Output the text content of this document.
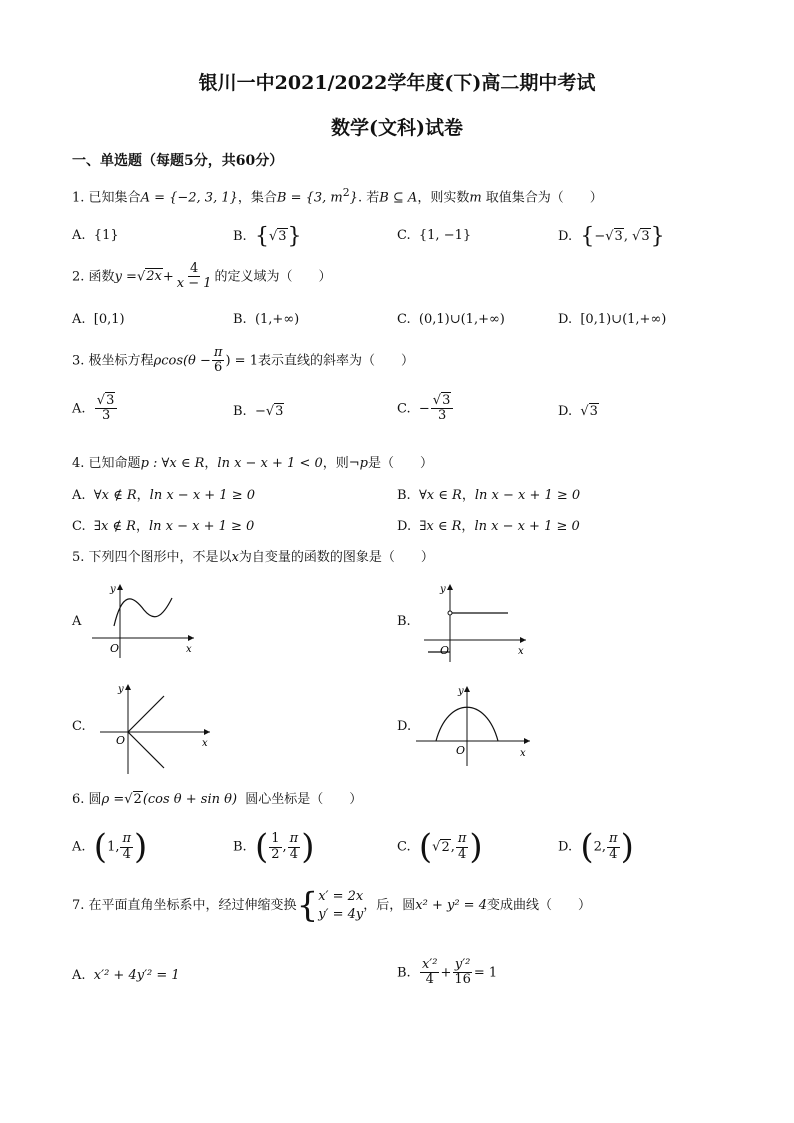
银川一中2021/2022学年度(下)高二期中考试
数学(文科)试卷
一、单选题（每题5分，共60分）
1. 已知集合A = {−2, 3, 1}，集合B = {3, $m^2$}. 若B ⊆ A，则实数m 取值集合为（　　）
A. {1}	B. {√3}	C. {1, −1}	D. {−√3, √3}
2. 函数$y =√2x+ \frac{4}{x - 1}$ 的定义域为（　　）
A. [0,1)	B. (1,+∞)	C. (0,1)∪(1,+∞)	D. [0,1)∪(1,+∞)
3. 极坐标方程$\rho\cos(\theta - \frac{\pi}{6}$ ) = 1表示直线的斜率为（　　）
A. $\frac{√3}{3}$	B.  −√3	C.  − $\frac{√3}{3}$	D.  √3
4. 已知命题p : ∀x ∈ R，ln x − x + 1 < 0，则¬p是（　　）
A. ∀x ∉ R，ln x − x + 1 ≥ 0	B. ∀x ∈ R，ln x − x + 1 ≥ 0
C. ∃x ∉ R，ln x − x + 1 ≥ 0	D. ∃x ∈ R，ln x − x + 1 ≥ 0
5. 下列四个图形中，不是以x为自变量的函数的图象是（　　）
A
O	x
y
B.
O	x
y
C.
O	x
y
D.
O	x
y
6. 圆ρ =√2(cos θ + sin θ) 圆心坐标是（　　）
A. (1, $\frac{\pi}{4}$ )	B. ( $\frac{1}{2}$ , $\frac{\pi}{4}$ )	C. (√2, $\frac{\pi}{4}$ )	D. (2, $\frac{\pi}{4}$ )
7. 在平面直角坐标系中，经过伸缩变换{ x′ = 2x
y′ = 4y
，后，圆x² + y² = 4变成曲线（　　）
A. x′² + 4y′² = 1	B. $\frac{\text{x′²}}{4} + \frac{\text{y′²}}{16} = 1$
